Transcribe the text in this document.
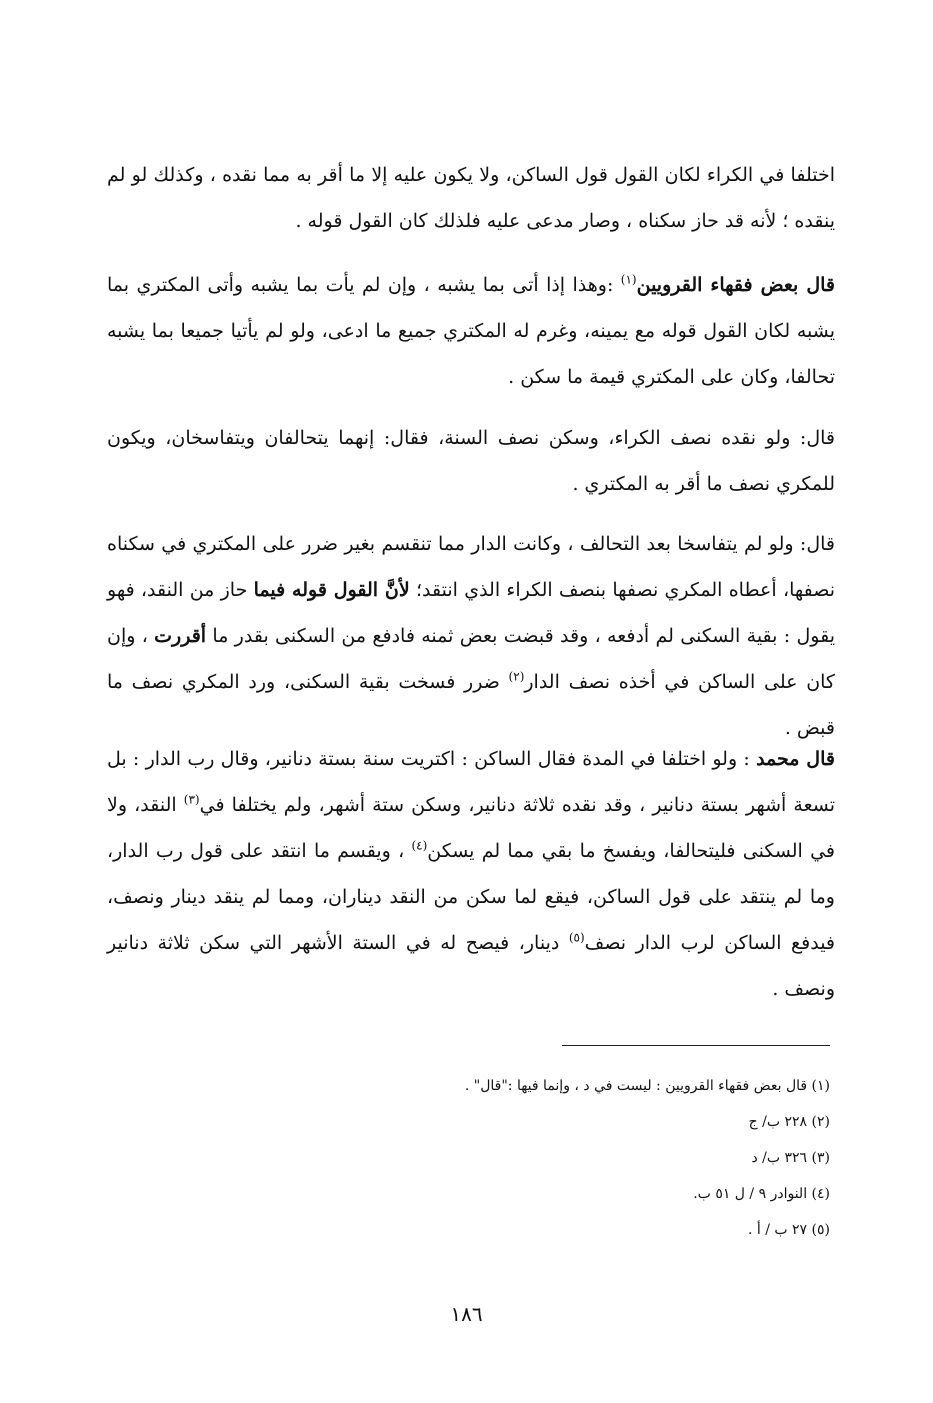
اختلفا في الكراء لكان القول قول الساكن، ولا يكون عليه إلا ما أقر به مما نقده ، وكذلك لو لم ينقده ؛ لأنه قد حاز سكناه ، وصار مدعى عليه فلذلك كان القول قوله .

قال بعض فقهاء القرويين$^{(١)}$ :وهذا إذا أتى بما يشبه ، وإن لم يأت بما يشبه وأتى المكتري بما يشبه لكان القول قوله مع يمينه، وغرم له المكتري جميع ما ادعى، ولو لم يأتيا جميعا بما يشبه تحالفا، وكان على المكتري قيمة ما سكن .

قال: ولو نقده نصف الكراء، وسكن نصف السنة، فقال: إنهما يتحالفان ويتفاسخان، ويكون للمكري نصف ما أقر به المكتري .

قال: ولو لم يتفاسخا بعد التحالف ، وكانت الدار مما تنقسم بغير ضرر على المكتري في سكناه نصفها، أعطاه المكري نصفها بنصف الكراء الذي انتقد؛ لأنَّ القول قوله فيما حاز من النقد، فهو يقول : بقية السكنى لم أدفعه ، وقد قبضت بعض ثمنه فادفع من السكنى بقدر ما أقررت ، وإن كان على الساكن في أخذه نصف الدار$^{(٢)}$ ضرر فسخت بقية السكنى، ورد المكري نصف ما قبض .

قال محمد : ولو اختلفا في المدة فقال الساكن : اكتريت سنة بستة دنانير، وقال رب الدار : بل تسعة أشهر بستة دنانير ، وقد نقده ثلاثة دنانير، وسكن ستة أشهر، ولم يختلفا في$^{(٣)}$ النقد، ولا في السكنى فليتحالفا، ويفسخ ما بقي مما لم يسكن$^{(٤)}$ ، ويقسم ما انتقد على قول رب الدار، وما لم ينتقد على قول الساكن، فيقع لما سكن من النقد ديناران، ومما لم ينقد دينار ونصف، فيدفع الساكن لرب الدار نصف$^{(٥)}$ دينار، فيصح له في الستة الأشهر التي سكن ثلاثة دنانير ونصف .

(١) قال بعض فقهاء القرويين : ليست في د ، وإنما فيها :"قال" .

(٢) ٢٢٨ ب/ ج

(٣) ٣٢٦ ب/ د

(٤) النوادر ٩ / ل ٥١ ب.

(٥) ٢٧ ب / أ .

١٨٦
